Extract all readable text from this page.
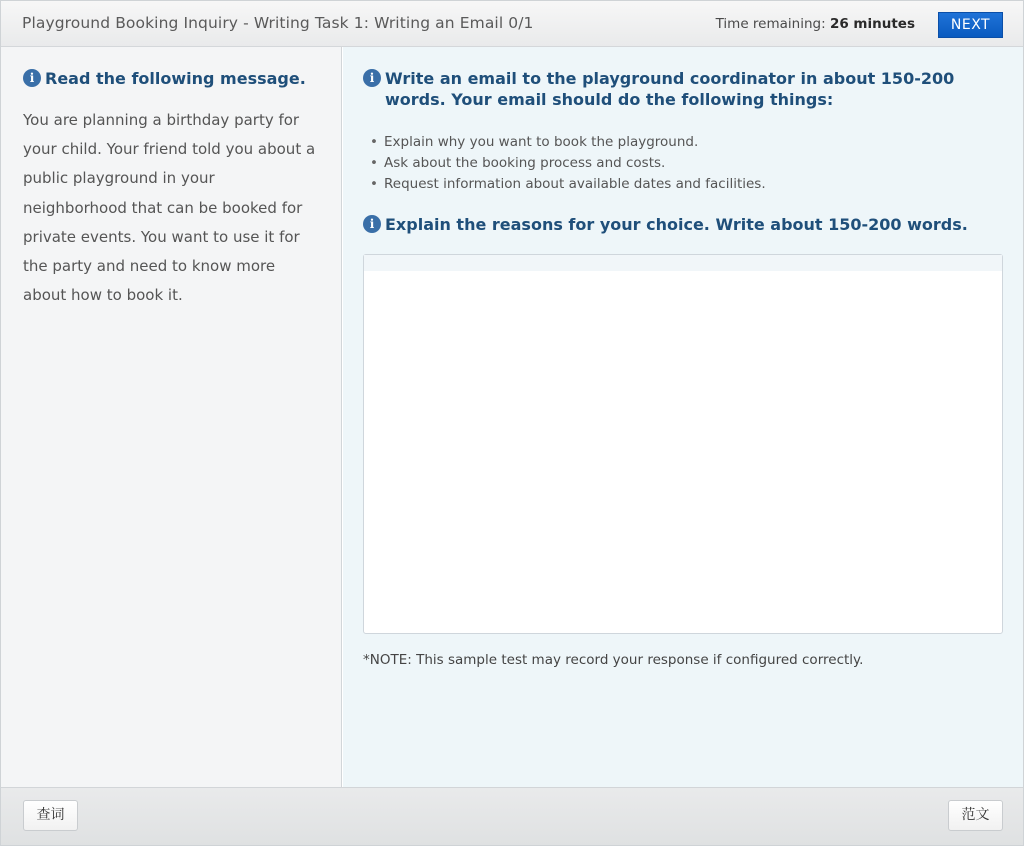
Playground Booking Inquiry - Writing Task 1: Writing an Email 0/1	Time remaining: 26 minutes	NEXT
i Read the following message.

You are planning a birthday party for your child. Your friend told you about a public playground in your neighborhood that can be booked for private events. You want to use it for the party and need to know more about how to book it.

i Write an email to the playground coordinator in about 150-200 words. Your email should do the following things:
• Explain why you want to book the playground.
• Ask about the booking process and costs.
• Request information about available dates and facilities.
i Explain the reasons for your choice. Write about 150-200 words.
*NOTE: This sample test may record your response if configured correctly.
查词	范文
